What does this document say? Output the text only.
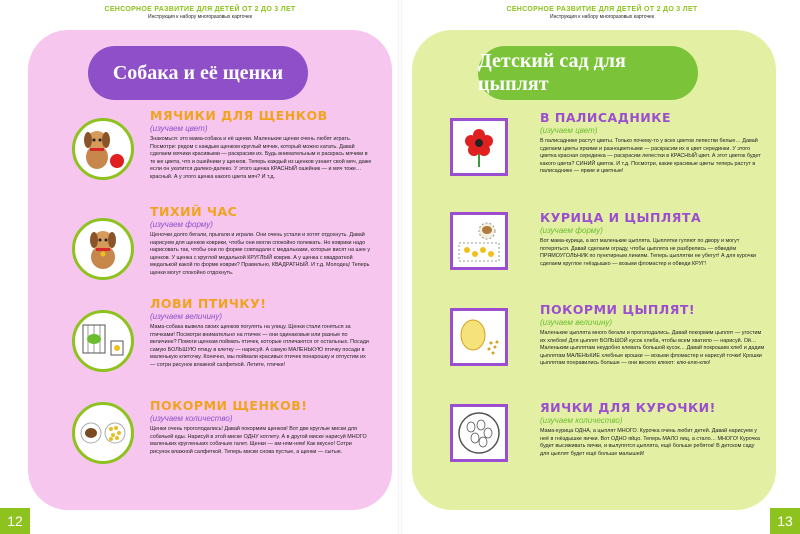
СЕНСОРНОЕ РАЗВИТИЕ ДЛЯ ДЕТЕЙ ОТ 2 ДО 3 ЛЕТ
Инструкция к набору многоразовых карточек
Собака и её щенки
МЯЧИКИ ДЛЯ ЩЕНКОВ
(изучаем цвет)
Знакомься: это мама-собака и её щенки. Маленькие щенки очень любят играть. Посмотри: рядом с каждым щенком круглый мячик, который можно катать. Давай сделаем мячики красивыми — раскрасим их. Будь внимательным и раскрась мячики в те же цвета, что и ошейники у щенков. Теперь каждый из щенков узнает свой мяч, даже если он укатится далеко-далеко. У этого щенка КРАСНЫЙ ошейник — и мяч тоже… красный. А у этого щенка какого цвета мяч? И т.д.
ТИХИЙ ЧАС
(изучаем форму)
Щеночки долго бегали, прыгали и играли. Они очень устали и хотят отдохнуть. Давай нарисуем для щенков коврики, чтобы они могли спокойно полежать. Но коврики надо нарисовать так, чтобы они по форме совпадали с медальками, которые висят на шее у щенков. У щенка с круглой медалькой КРУГЛЫЙ коврик. А у щенка с квадратной медалькой какой по форме коврик? Правильно, КВАДРАТНЫЙ. И т.д. Молодец! Теперь щенки могут спокойно отдохнуть.
ЛОВИ ПТИЧКУ!
(изучаем величину)
Мама-собака вывела своих щенков погулять на улицу. Щенки стали гоняться за птичками! Посмотри внимательно на птичек — они одинаковые или разные по величине? Помоги щенкам поймать птичек, которые отличаются от остальных. Посади самую БОЛЬШУЮ птицу в клетку — нарисуй. А самую МАЛЕНЬКУЮ птичку посади в маленькую клеточку. Конечно, мы поймали красивых птичек понарошку и отпустим их — сотри рисунок влажной салфеткой. Летите, птички!
ПОКОРМИ ЩЕНКОВ!
(изучаем количество)
Щенки очень проголодались! Давай покормим щенков! Вот две круглые миски для собачьей еды. Нарисуй в этой миске ОДНУ котлету. А в другой миске нарисуй МНОГО маленьких кругленьких собачьих галет. Щенки — ам-ням-ням! Как вкусно! Сотри рисунок влажной салфеткой. Теперь миски снова пустые, а щенки — сытые.
12
СЕНСОРНОЕ РАЗВИТИЕ ДЛЯ ДЕТЕЙ ОТ 2 ДО 3 ЛЕТ
Инструкция к набору многоразовых карточек
Детский сад для цыплят
В ПАЛИСАДНИКЕ
(изучаем цвет)
В палисаднике растут цветы. Только почему-то у всех цветов лепестки белые… Давай сделаем цветы яркими и разноцветными — раскрасим их в цвет серединки. У этого цветка красная серединка — раскрасим лепестки в КРАСНЫЙ цвет. А этот цветок будет какого цвета? СИНИЙ цветок. И т.д. Посмотри, какие красивые цветы теперь растут в палисаднике — яркие и цветные!
КУРИЦА И ЦЫПЛЯТА
(изучаем форму)
Вот мама-курица, а вот маленькие цыплята. Цыплятки гуляют по двору и могут потеряться. Давай сделаем ограду, чтобы цыплята не разбрелись — обведём ПРЯМОУГОЛЬНИК по пунктирным линиям. Теперь цыплятки не убегут! А для курочки сделаем круглое гнёздышко — возьми фломастер и обведи КРУГ!
ПОКОРМИ ЦЫПЛЯТ!
(изучаем величину)
Маленькие цыплята много бегали и проголодались. Давай покормим цыплят — угостим их хлебом! Для цыплят БОЛЬШОЙ кусок хлеба, чтобы всем хватило — нарисуй. Ой… Маленьким цыплятам неудобно клевать большой кусок… Давай покрошим хлеб и дадим цыплятам МАЛЕНЬКИЕ хлебные крошки — возьми фломастер и нарисуй точки! Крошки цыплятам понравились больше — они весело клюют: клю-клю-клю!
ЯИЧКИ ДЛЯ КУРОЧКИ!
(изучаем количество)
Мама-курица ОДНА, а цыплят МНОГО. Курочка очень любит детей. Давай нарисуем у неё в гнёздышке яички. Вот ОДНО яйцо. Теперь МАЛО яиц, а стало… МНОГО! Курочка будет высиживать яички, и вылупятся цыплята, ещё больше ребяток! В детском саду для цыплят будет ещё больше малышей!
13
